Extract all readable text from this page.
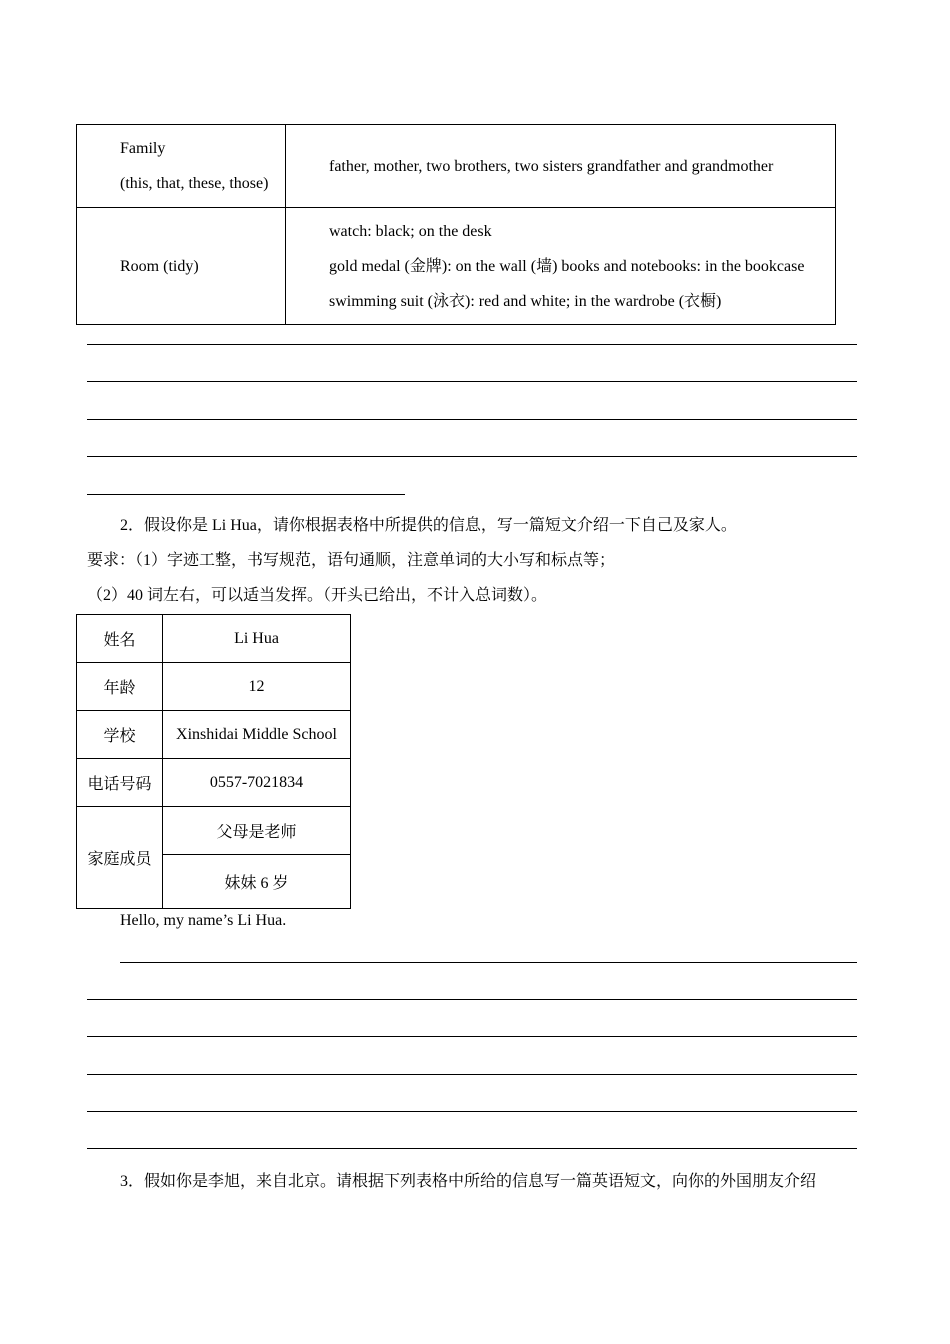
Family
(this, that, these, those)	father, mother, two brothers, two sisters grandfather and grandmother

Room (tidy)	watch: black; on the desk
gold medal (金牌): on the wall (墙) books and notebooks: in the bookcase
swimming suit (泳衣): red and white; in the wardrobe (衣橱)
2．假设你是 Li Hua，请你根据表格中所提供的信息，写一篇短文介绍一下自己及家人。
要求：（1）字迹工整，书写规范，语句通顺，注意单词的大小写和标点等；
（2）40 词左右，可以适当发挥。（开头已给出，不计入总词数）。
姓名	Li Hua
年龄	12
学校	Xinshidai Middle School
电话号码	0557-7021834
家庭成员	父母是老师
	妹妹 6 岁
Hello, my name’s Li Hua.
3．假如你是李旭，来自北京。请根据下列表格中所给的信息写一篇英语短文，向你的外国朋友介绍
